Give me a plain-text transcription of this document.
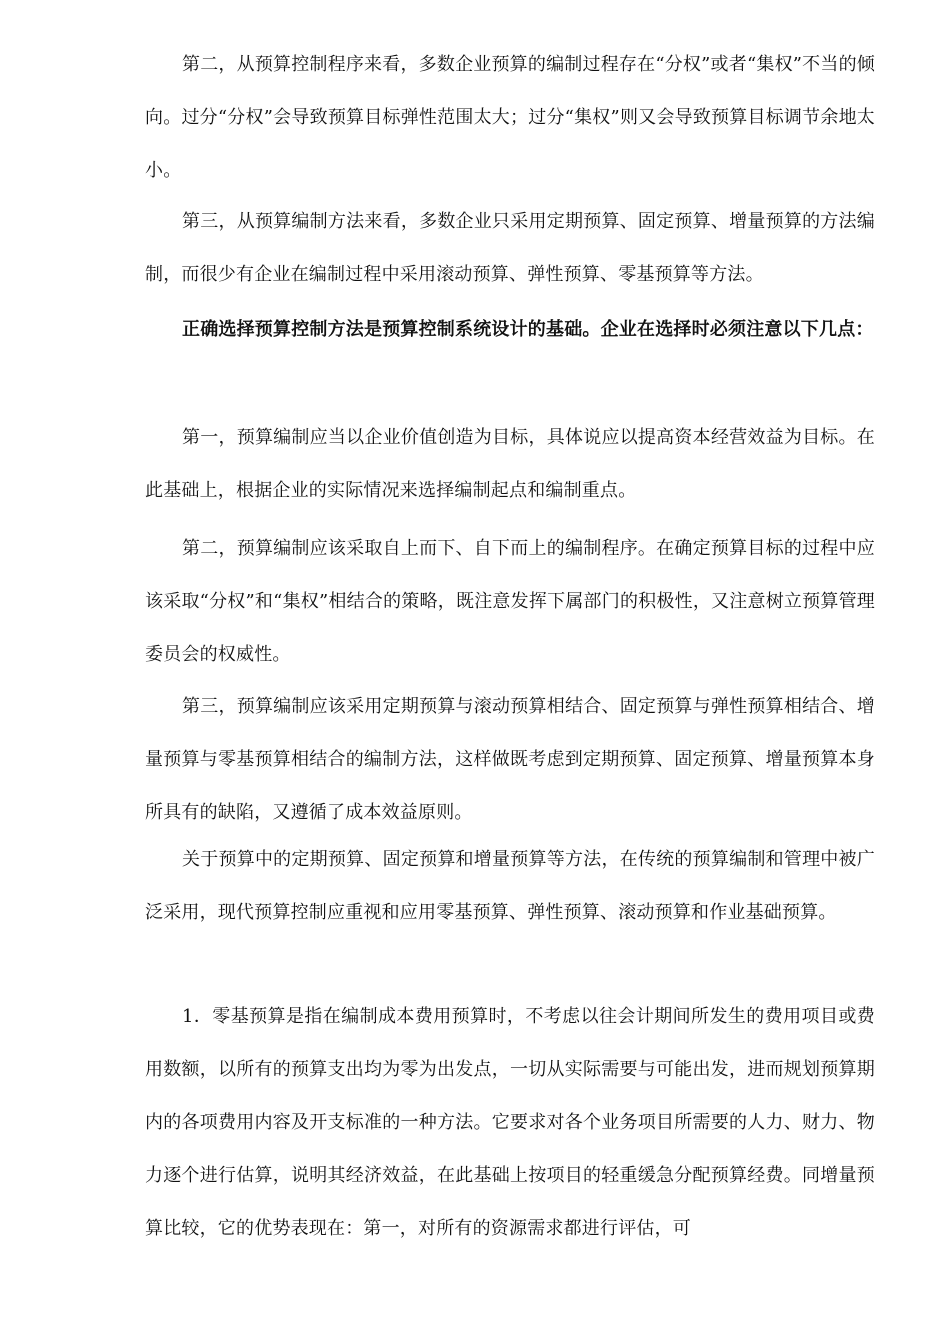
第二，从预算控制程序来看，多数企业预算的编制过程存在“分权”或者“集权”不当的倾向。过分“分权”会导致预算目标弹性范围太大；过分“集权”则又会导致预算目标调节余地太小。

第三，从预算编制方法来看，多数企业只采用定期预算、固定预算、增量预算的方法编制，而很少有企业在编制过程中采用滚动预算、弹性预算、零基预算等方法。

正确选择预算控制方法是预算控制系统设计的基础。企业在选择时必须注意以下几点：

第一，预算编制应当以企业价值创造为目标，具体说应以提高资本经营效益为目标。在此基础上，根据企业的实际情况来选择编制起点和编制重点。

第二，预算编制应该采取自上而下、自下而上的编制程序。在确定预算目标的过程中应该采取“分权”和“集权”相结合的策略，既注意发挥下属部门的积极性，又注意树立预算管理委员会的权威性。

第三，预算编制应该采用定期预算与滚动预算相结合、固定预算与弹性预算相结合、增量预算与零基预算相结合的编制方法，这样做既考虑到定期预算、固定预算、增量预算本身所具有的缺陷，又遵循了成本效益原则。

关于预算中的定期预算、固定预算和增量预算等方法，在传统的预算编制和管理中被广泛采用，现代预算控制应重视和应用零基预算、弹性预算、滚动预算和作业基础预算。

1．零基预算是指在编制成本费用预算时，不考虑以往会计期间所发生的费用项目或费用数额，以所有的预算支出均为零为出发点，一切从实际需要与可能出发，进而规划预算期内的各项费用内容及开支标准的一种方法。它要求对各个业务项目所需要的人力、财力、物力逐个进行估算，说明其经济效益，在此基础上按项目的轻重缓急分配预算经费。同增量预算比较，它的优势表现在：第一，对所有的资源需求都进行评估，可
